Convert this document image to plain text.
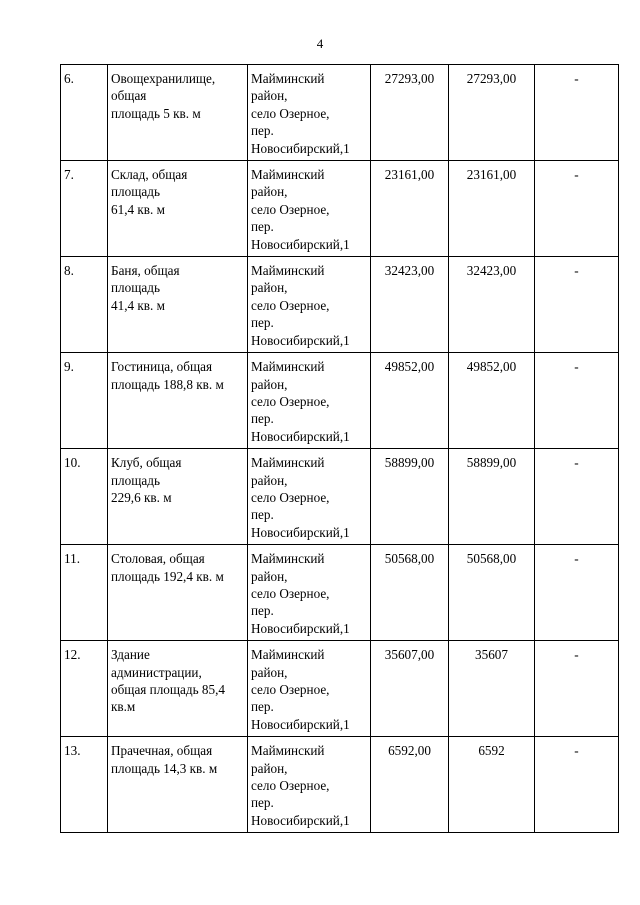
4
6.	Овощехранилище,
общая
площадь 5 кв. м	Майминский
район,
село Озерное,
пер.
Новосибирский,1	27293,00	27293,00	-
7.	Склад, общая
площадь
61,4 кв. м	Майминский
район,
село Озерное,
пер.
Новосибирский,1	23161,00	23161,00	-
8.	Баня, общая
площадь
41,4 кв. м	Майминский
район,
село Озерное,
пер.
Новосибирский,1	32423,00	32423,00	-
9.	Гостиница, общая
площадь 188,8 кв. м	Майминский
район,
село Озерное,
пер.
Новосибирский,1	49852,00	49852,00	-
10.	Клуб, общая
площадь
229,6 кв. м	Майминский
район,
село Озерное,
пер.
Новосибирский,1	58899,00	58899,00	-
11.	Столовая, общая
площадь 192,4 кв. м	Майминский
район,
село Озерное,
пер.
Новосибирский,1	50568,00	50568,00	-
12.	Здание
администрации,
общая площадь 85,4
кв.м	Майминский
район,
село Озерное,
пер.
Новосибирский,1	35607,00	35607	-
13.	Прачечная, общая
площадь 14,3 кв. м	Майминский
район,
село Озерное,
пер.
Новосибирский,1	6592,00	6592	-
